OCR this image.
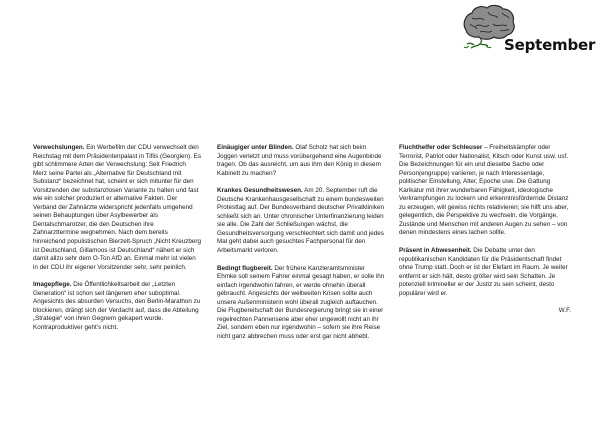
September

Verwechslungen. Ein Werbefilm der CDU verwechselt den Reichstag mit dem Präsidentenpalast in Tiflis (Georgien). Es gibt schlimmere Arten der Verwechslung: Seit Friedrich Merz seine Partei als „Alternative für Deutschland mit Substanz“ bezeichnet hat, scheint er sich mitunter für den Vorsitzenden der substanzlosen Variante zu halten und fast wie ein solcher produziert er alternative Fakten. Der Verband der Zahnärzte widerspricht jedenfalls umgehend seinen Behauptungen über Asylbewerber als Dentalschmarotzer, die den Deutschen ihre Zahnarzttermine wegnehmen. Nach dem bereits hinreichend populistischen Bierzelt-Spruch „Nicht Kreuzberg ist Deutschland, Gillamoos ist Deutschland“ nähert er sich damit allzu sehr dem O-Ton AfD an. Einmal mehr ist vielen in der CDU ihr eigener Vorsitzender sehr, sehr peinlich.

Imagepflege. Die Öffentlichkeitsarbeit der „Letzten Generation“ ist schon seit längerem eher suboptimal. Angesichts des absurden Versuchs, den Berlin-Marathon zu blockieren, drängt sich der Verdacht auf, dass die Abteilung „Strategie“ von ihren Gegnern gekapert wurde. Kontraproduktiver geht’s nicht.

Einäugiger unter Blinden. Olaf Scholz hat sich beim Joggen verletzt und muss vorübergehend eine Augenbinde tragen. Ob das ausreicht, um aus ihm den König in diesem Kabinett zu machen?

Krankes Gesundheitswesen. Am 20. September ruft die Deutsche Krankenhausgesellschaft zu einem bundesweiten Protesttag auf. Der Bundesverband deutscher Privatkliniken schließt sich an. Unter chronischer Unterfinanzierung leiden sie alle. Die Zahl der Schließungen wächst, die Gesundheitsversorgung verschlechtert sich damit und jedes Mal geht dabei auch gesuchtes Fachpersonal für den Arbeitsmarkt verloren.

Bedingt flugbereit. Der frühere Kanzleramtsminister Ehmke soll seinem Fahrer einmal gesagt haben, er solle ihn einfach irgendwohin fahren, er werde ohnehin überall gebraucht. Angesichts der weltweiten Krisen sollte auch unsere Außenministerin wohl überall zugleich auftauchen. Die Flugbereitschaft der Bundesregierung bringt sie in einer regelrechten Pannenserie aber eher ungewollt nicht an ihr Ziel, sondern eben nur irgendwohin – sofern sie ihre Reise nicht ganz abbrechen muss oder erst gar nicht abhebt.

Fluchthelfer oder Schleuser – Freiheitskämpfer oder Terrorist, Patriot oder Nationalist, Kitsch oder Kunst usw. usf. Die Bezeichnungen für ein und dieselbe Sache oder Person(engruppe) variieren, je nach Interessenlage, politischer Einstellung, Alter, Epoche usw. Die Gattung Karikatur mit ihrer wunderbaren Fähigkeit, ideologische Verkrampfungen zu lockern und erkenntnisfördernde Distanz zu erzeugen, will gewiss nichts relativieren; sie hilft uns aber, gelegentlich, die Perspektive zu wechseln, die Vorgänge, Zustände und Menschen mit anderen Augen zu sehen – von denen mindestens eines lachen sollte.

Präsent in Abwesenheit. Die Debatte unter den republikanischen Kandidaten für die Präsidentschaft findet ohne Trump statt. Doch er ist der Elefant im Raum. Je weiter entfernt er sich hält, desto größer wird sein Schatten. Je potenziell krimineller er der Justiz zu sein scheint, desto populärer wird er.

W.F.
